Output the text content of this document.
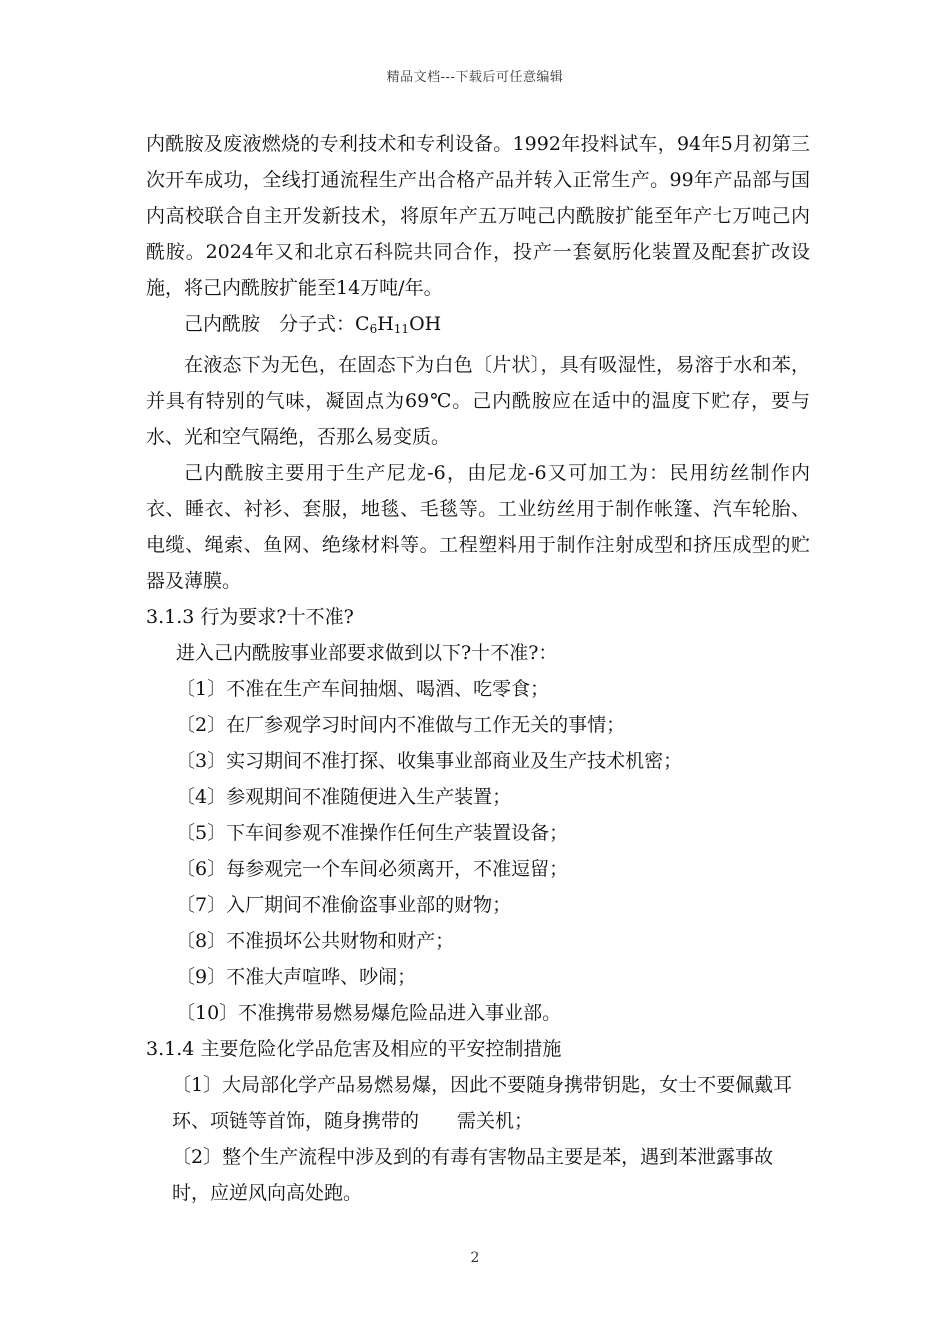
精品文档---下载后可任意编辑

内酰胺及废液燃烧的专利技术和专利设备。1992年投料试车，94年5月初第三次开车成功，全线打通流程生产出合格产品并转入正常生产。99年产品部与国内高校联合自主开发新技术，将原年产五万吨己内酰胺扩能至年产七万吨己内酰胺。2024年又和北京石科院共同合作，投产一套氨肟化装置及配套扩改设施，将己内酰胺扩能至14万吨/年。

己内酰胺　分子式：$C_6H_{11}OH$

在液态下为无色，在固态下为白色〔片状〕，具有吸湿性，易溶于水和苯，并具有特别的气味，凝固点为69℃。己内酰胺应在适中的温度下贮存，要与水、光和空气隔绝，否那么易变质。

己内酰胺主要用于生产尼龙-6，由尼龙-6又可加工为：民用纺丝制作内衣、睡衣、衬衫、套服，地毯、毛毯等。工业纺丝用于制作帐篷、汽车轮胎、电缆、绳索、鱼网、绝缘材料等。工程塑料用于制作注射成型和挤压成型的贮器及薄膜。

3.1.3 行为要求?十不准?

进入己内酰胺事业部要求做到以下?十不准?：

〔1〕不准在生产车间抽烟、喝酒、吃零食；

〔2〕在厂参观学习时间内不准做与工作无关的事情；

〔3〕实习期间不准打探、收集事业部商业及生产技术机密；

〔4〕参观期间不准随便进入生产装置；

〔5〕下车间参观不准操作任何生产装置设备；

〔6〕每参观完一个车间必须离开，不准逗留；

〔7〕入厂期间不准偷盗事业部的财物；

〔8〕不准损坏公共财物和财产；

〔9〕不准大声喧哗、吵闹；

〔10〕不准携带易燃易爆危险品进入事业部。

3.1.4 主要危险化学品危害及相应的平安控制措施

〔1〕大局部化学产品易燃易爆，因此不要随身携带钥匙，女士不要佩戴耳
环、项链等首饰，随身携带的　　需关机；

〔2〕整个生产流程中涉及到的有毒有害物品主要是苯，遇到苯泄露事故
时，应逆风向高处跑。

2
